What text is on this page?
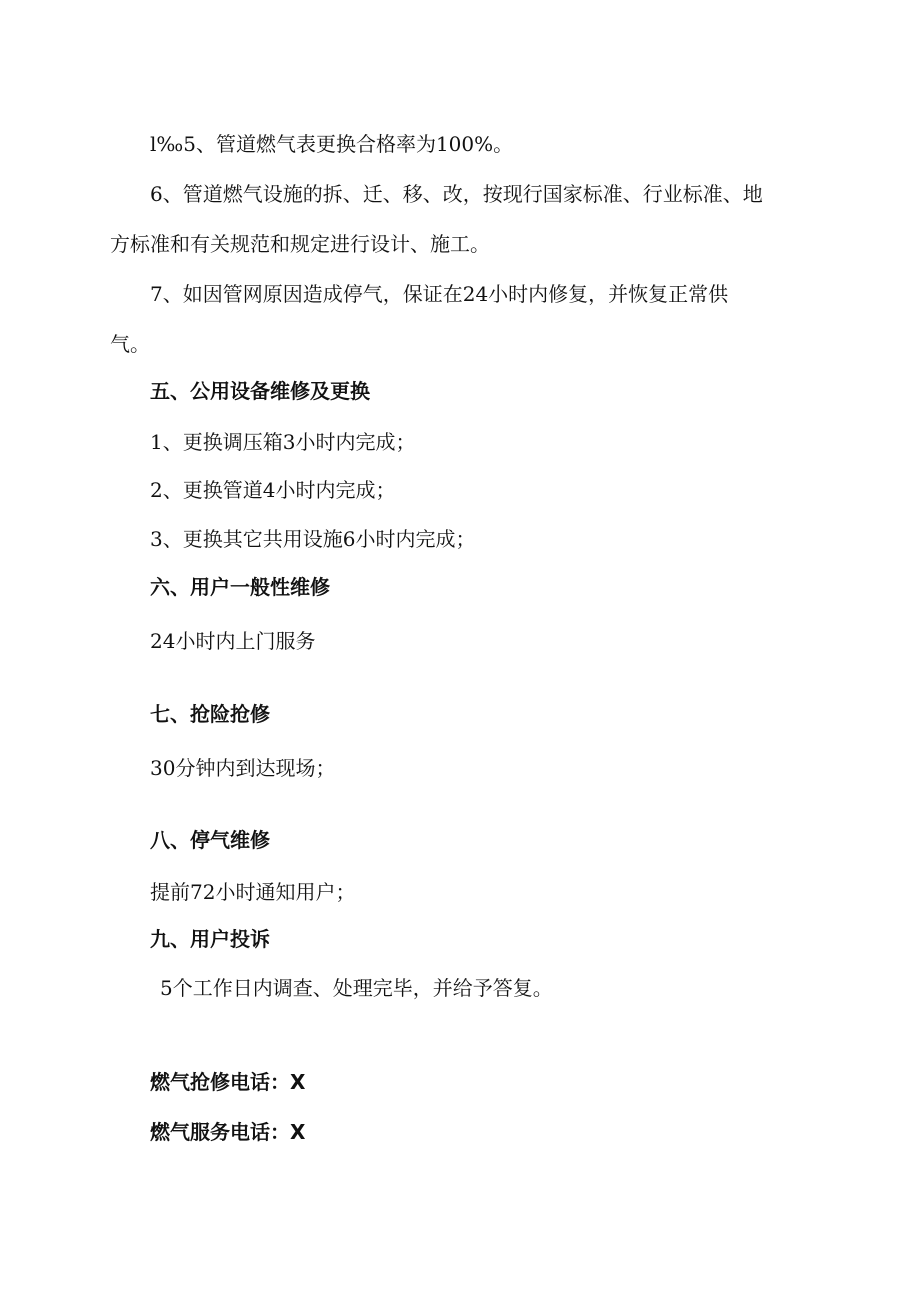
l‰5、管道燃气表更换合格率为100%。
6、管道燃气设施的拆、迁、移、改，按现行国家标准、行业标准、地
方标准和有关规范和规定进行设计、施工。
7、如因管网原因造成停气，保证在24小时内修复，并恢复正常供
气。
五、公用设备维修及更换
1、更换调压箱3小时内完成；
2、更换管道4小时内完成；
3、更换其它共用设施6小时内完成；
六、用户一般性维修
24小时内上门服务
七、抢险抢修
30分钟内到达现场；
八、停气维修
提前72小时通知用户；
九、用户投诉
5个工作日内调查、处理完毕，并给予答复。
燃气抢修电话：X
燃气服务电话：X
